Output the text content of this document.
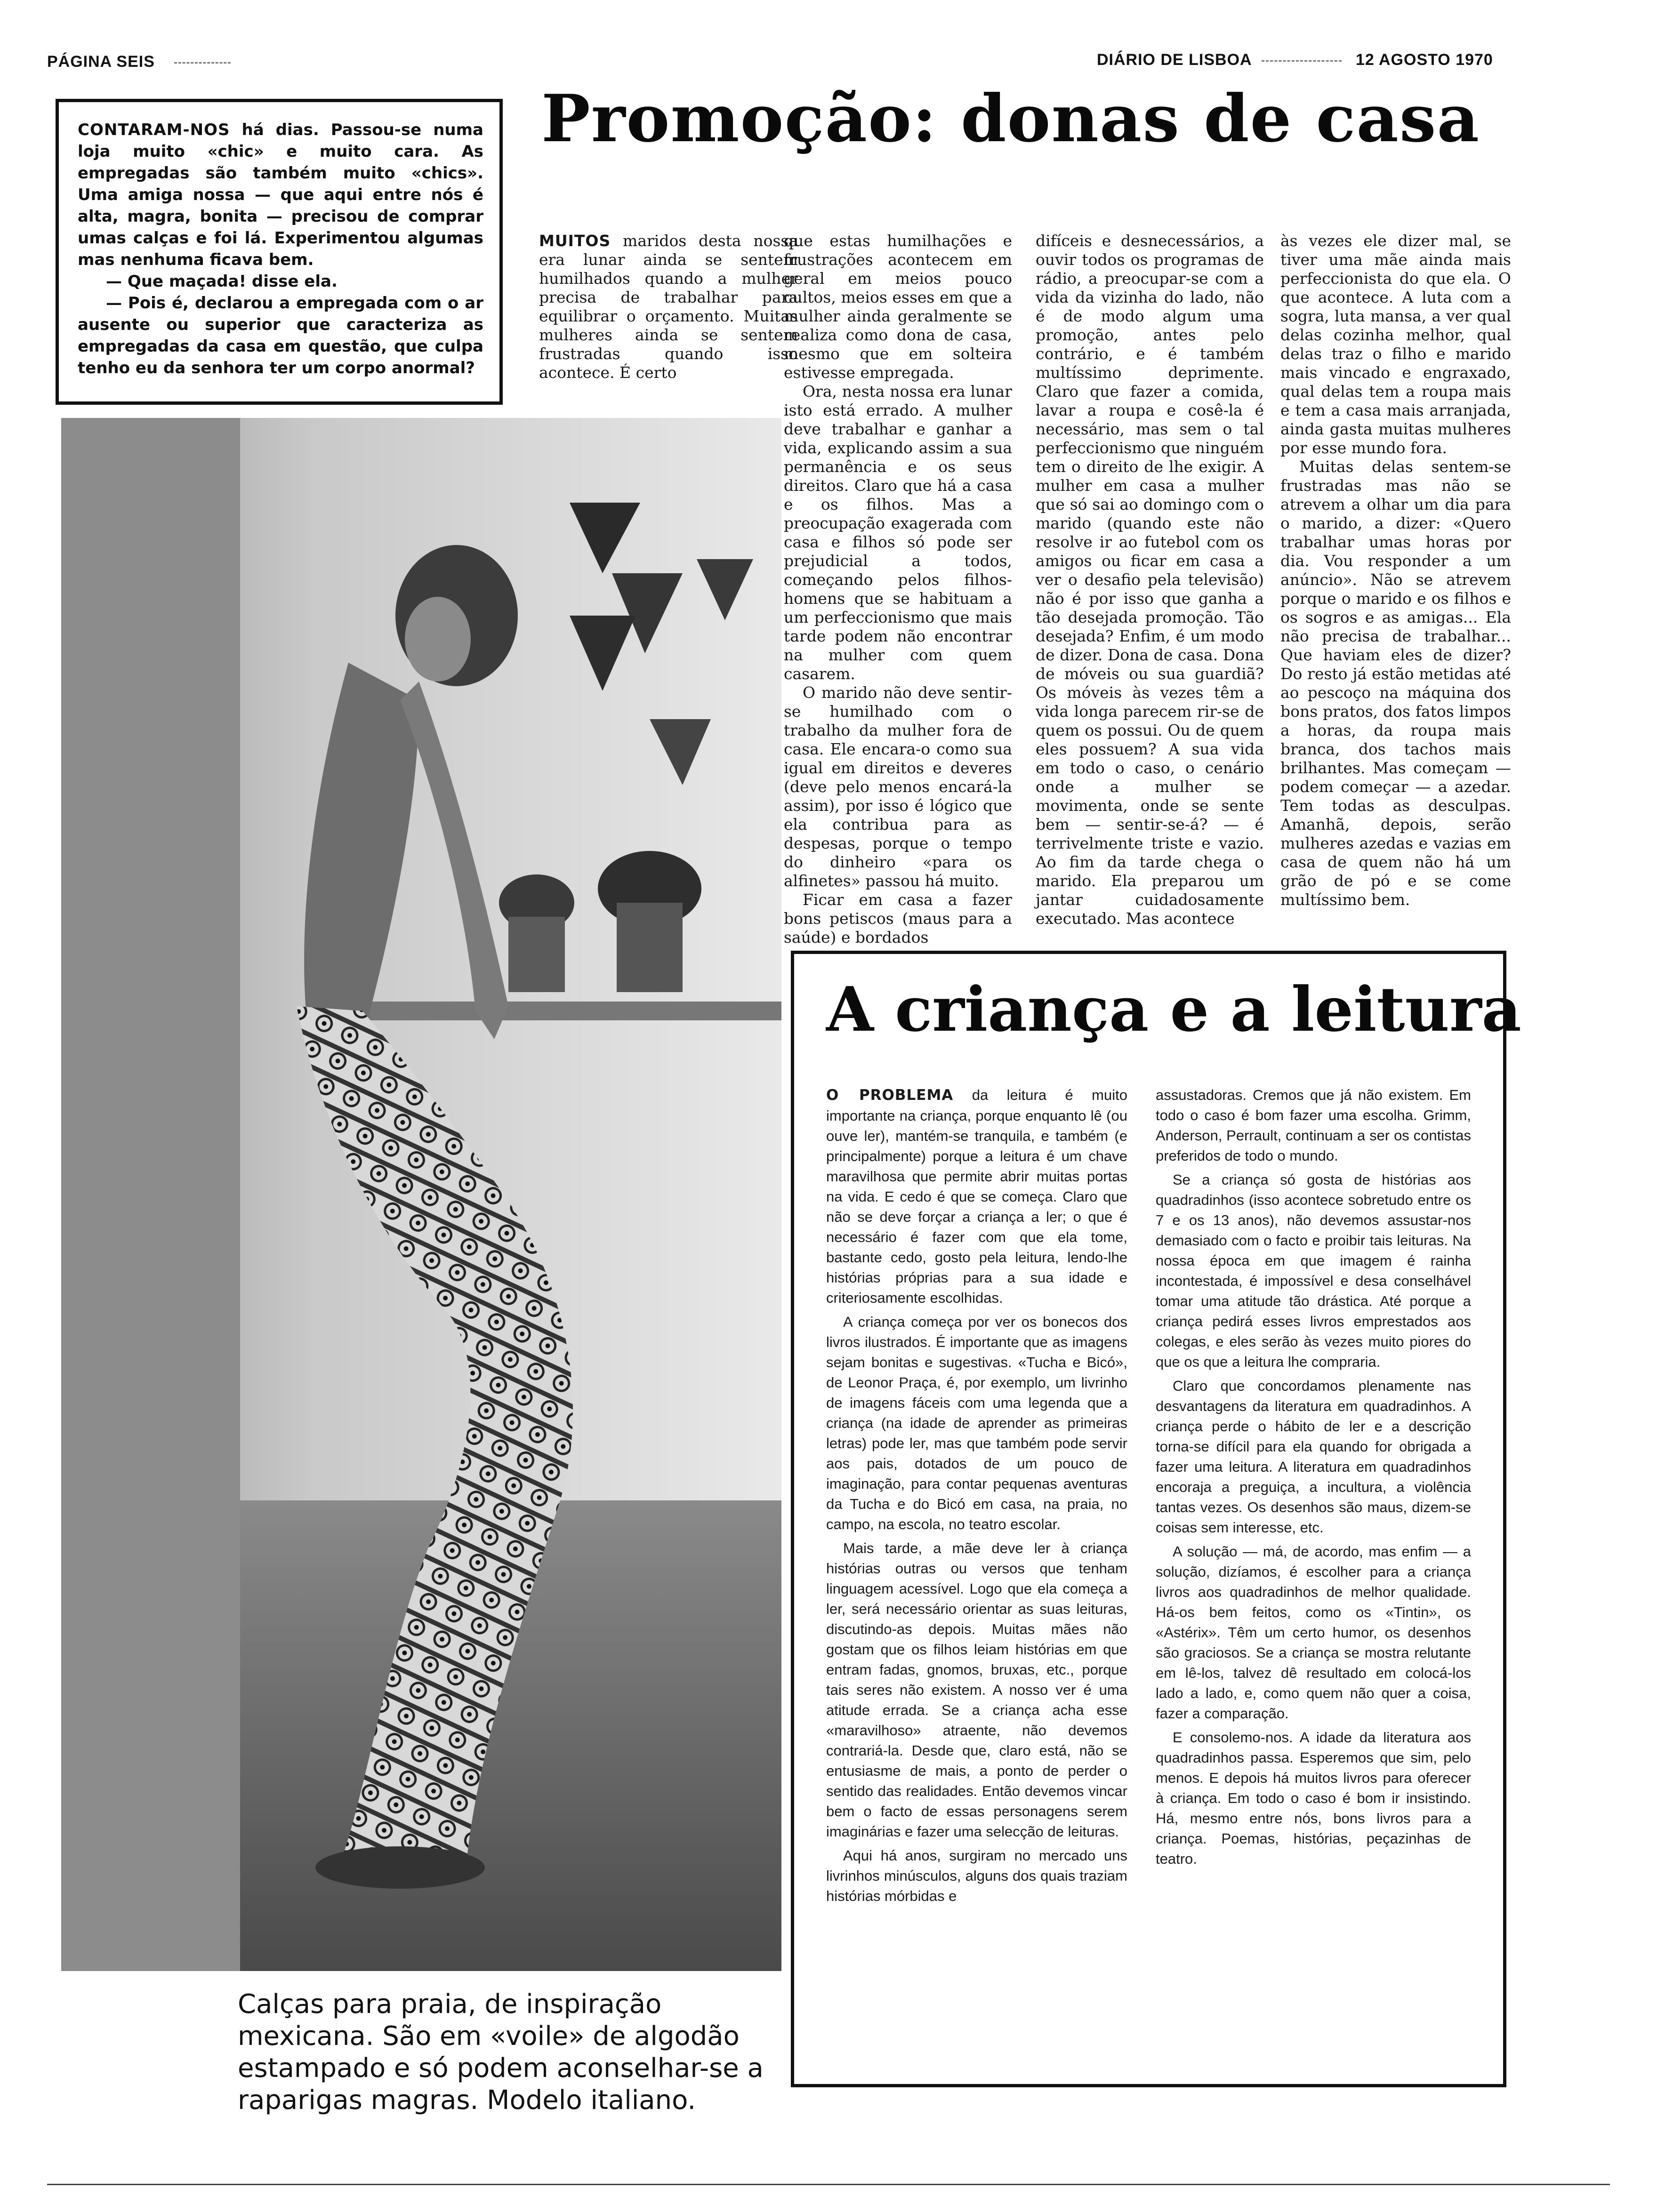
PÁGINA SEIS	DIÁRIO DE LISBOA	12 AGOSTO 1970

CONTARAM-NOS há dias. Passou-se numa loja muito «chic» e muito cara. As empregadas são também muito «chics». Uma amiga nossa — que aqui entre nós é alta, magra, bonita — precisou de comprar umas calças e foi lá. Experimentou algumas mas nenhuma ficava bem.

— Que maçada! disse ela.

— Pois é, declarou a empregada com o ar ausente ou superior que caracteriza as empregadas da casa em questão, que culpa tenho eu da senhora ter um corpo anormal?

Promoção: donas de casa

MUITOS maridos desta nossa era lunar ainda se sentem humilhados quando a mulher precisa de trabalhar para equilibrar o orçamento. Muitas mulheres ainda se sentem frustradas quando isso acontece. É certo

que estas humilhações e frustrações acontecem em geral em meios pouco cultos, meios esses em que a mulher ainda geralmente se realiza como dona de casa, mesmo que em solteira estivesse empregada.

Ora, nesta nossa era lunar isto está errado. A mulher deve trabalhar e ganhar a vida, explicando assim a sua permanência e os seus direitos. Claro que há a casa e os filhos. Mas a preocupação exagerada com casa e filhos só pode ser prejudicial a todos, começando pelos filhos-homens que se habituam a um perfeccionismo que mais tarde podem não encontrar na mulher com quem casarem.

O marido não deve sentir-se humilhado com o trabalho da mulher fora de casa. Ele encara-o como sua igual em direitos e deveres (deve pelo menos encará-la assim), por isso é lógico que ela contribua para as despesas, porque o tempo do dinheiro «para os alfinetes» passou há muito.

Ficar em casa a fazer bons petiscos (maus para a saúde) e bordados

difíceis e desnecessários, a ouvir todos os programas de rádio, a preocupar-se com a vida da vizinha do lado, não é de modo algum uma promoção, antes pelo contrário, e é também multíssimo deprimente. Claro que fazer a comida, lavar a roupa e cosê-la é necessário, mas sem o tal perfeccionismo que ninguém tem o direito de lhe exigir. A mulher em casa a mulher que só sai ao domingo com o marido (quando este não resolve ir ao futebol com os amigos ou ficar em casa a ver o desafio pela televisão) não é por isso que ganha a tão desejada promoção. Tão desejada? Enfim, é um modo de dizer. Dona de casa. Dona de móveis ou sua guardiã? Os móveis às vezes têm a vida longa parecem rir-se de quem os possui. Ou de quem eles possuem? A sua vida em todo o caso, o cenário onde a mulher se movimenta, onde se sente bem — sentir-se-á? — é terrivelmente triste e vazio. Ao fim da tarde chega o marido. Ela preparou um jantar cuidadosamente executado. Mas acontece

às vezes ele dizer mal, se tiver uma mãe ainda mais perfeccionista do que ela. O que acontece. A luta com a sogra, luta mansa, a ver qual delas cozinha melhor, qual delas traz o filho e marido mais vincado e engraxado, qual delas tem a roupa mais e tem a casa mais arranjada, ainda gasta muitas mulheres por esse mundo fora.

Muitas delas sentem-se frustradas mas não se atrevem a olhar um dia para o marido, a dizer: «Quero trabalhar umas horas por dia. Vou responder a um anúncio». Não se atrevem porque o marido e os filhos e os sogros e as amigas... Ela não precisa de trabalhar... Que haviam eles de dizer? Do resto já estão metidas até ao pescoço na máquina dos bons pratos, dos fatos limpos a horas, da roupa mais branca, dos tachos mais brilhantes. Mas começam — podem começar — a azedar. Tem todas as desculpas. Amanhã, depois, serão mulheres azedas e vazias em casa de quem não há um grão de pó e se come multíssimo bem.

Calças para praia, de inspiração mexicana. São em «voile» de algodão estampado e só podem aconselhar-se a raparigas magras. Modelo italiano.
A criança e a leitura

O PROBLEMA da leitura é muito importante na criança, porque enquanto lê (ou ouve ler), mantém-se tranquila, e também (e principalmente) porque a leitura é um chave maravilhosa que permite abrir muitas portas na vida. E cedo é que se começa. Claro que não se deve forçar a criança a ler; o que é necessário é fazer com que ela tome, bastante cedo, gosto pela leitura, lendo-lhe histórias próprias para a sua idade e criteriosamente escolhidas.

A criança começa por ver os bonecos dos livros ilustrados. É importante que as imagens sejam bonitas e sugestivas. «Tucha e Bicó», de Leonor Praça, é, por exemplo, um livrinho de imagens fáceis com uma legenda que a criança (na idade de aprender as primeiras letras) pode ler, mas que também pode servir aos pais, dotados de um pouco de imaginação, para contar pequenas aventuras da Tucha e do Bicó em casa, na praia, no campo, na escola, no teatro escolar.

Mais tarde, a mãe deve ler à criança histórias outras ou versos que tenham linguagem acessível. Logo que ela começa a ler, será necessário orientar as suas leituras, discutindo-as depois. Muitas mães não gostam que os filhos leiam histórias em que entram fadas, gnomos, bruxas, etc., porque tais seres não existem. A nosso ver é uma atitude errada. Se a criança acha esse «maravilhoso» atraente, não devemos contrariá-la. Desde que, claro está, não se entusiasme de mais, a ponto de perder o sentido das realidades. Então devemos vincar bem o facto de essas personagens serem imaginárias e fazer uma selecção de leituras.

Aqui há anos, surgiram no mercado uns livrinhos minúsculos, alguns dos quais traziam histórias mórbidas e

assustadoras. Cremos que já não existem. Em todo o caso é bom fazer uma escolha. Grimm, Anderson, Perrault, continuam a ser os contistas preferidos de todo o mundo.

Se a criança só gosta de histórias aos quadradinhos (isso acontece sobretudo entre os 7 e os 13 anos), não devemos assustar-nos demasiado com o facto e proibir tais leituras. Na nossa época em que imagem é rainha incontestada, é impossível e desa conselhável tomar uma atitude tão drástica. Até porque a criança pedirá esses livros emprestados aos colegas, e eles serão às vezes muito piores do que os que a leitura lhe compraria.

Claro que concordamos plenamente nas desvantagens da literatura em quadradinhos. A criança perde o hábito de ler e a descrição torna-se difícil para ela quando for obrigada a fazer uma leitura. A literatura em quadradinhos encoraja a preguiça, a incultura, a violência tantas vezes. Os desenhos são maus, dizem-se coisas sem interesse, etc.

A solução — má, de acordo, mas enfim — a solução, dizíamos, é escolher para a criança livros aos quadradinhos de melhor qualidade. Há-os bem feitos, como os «Tintin», os «Astérix». Têm um certo humor, os desenhos são graciosos. Se a criança se mostra relutante em lê-los, talvez dê resultado em colocá-los lado a lado, e, como quem não quer a coisa, fazer a comparação.

E consolemo-nos. A idade da literatura aos quadradinhos passa. Esperemos que sim, pelo menos. E depois há muitos livros para oferecer à criança. Em todo o caso é bom ir insistindo. Há, mesmo entre nós, bons livros para a criança. Poemas, histórias, peçazinhas de teatro.
